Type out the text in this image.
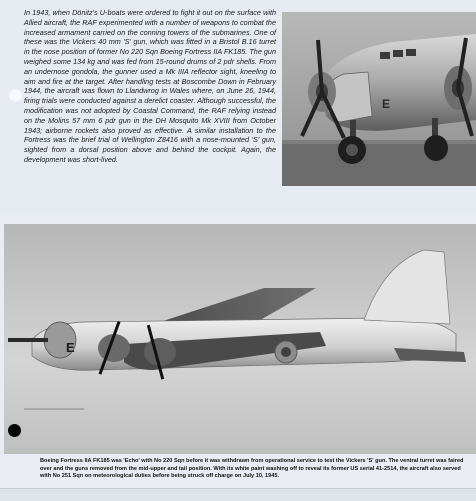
In 1943, when Dönitz's U-boats were ordered to fight it out on the surface with Allied aircraft, the RAF experimented with a number of weapons to combat the increased armament carried on the conning towers of the submarines. One of these was the Vickers 40 mm 'S' gun, which was fitted in a Bristol B.16 turret in the nose position of former No 220 Sqn Boeing Fortress IIA FK185. The gun weighed some 134 kg and was fed from 15-round drums of 2 pdr shells. From an undernose gondola, the gunner used a Mk IIIA reflector sight, kneeling to aim and fire at the target. After handling tests at Boscombe Down in February 1944, the aircraft was flown to Llandwrog in Wales where, on June 26, 1944, firing trials were conducted against a derelict coaster. Although successful, the modification was not adopted by Coastal Command, the RAF relying instead on the Molins 57 mm 6 pdr gun in the DH Mosquito Mk XVIII from October 1943; airborne rockets also proved as effective. A similar installation to the Fortress was the brief trial of Wellington Z8416 with a nose-mounted 'S' gun, sighted from a dorsal position above and behind the cockpit. Again, the development was short-lived.

E
E

Boeing Fortress IIA FK185 was 'Echo' with No 220 Sqn before it was withdrawn from operational service to test the Vickers 'S' gun. The ventral turret was faired over and the guns removed from the mid-upper and tail position. With its white paint washing off to reveal its former US serial 41-2514, the aircraft also served with No 251 Sqn on meteorological duties before being struck off charge on July 10, 1945.
